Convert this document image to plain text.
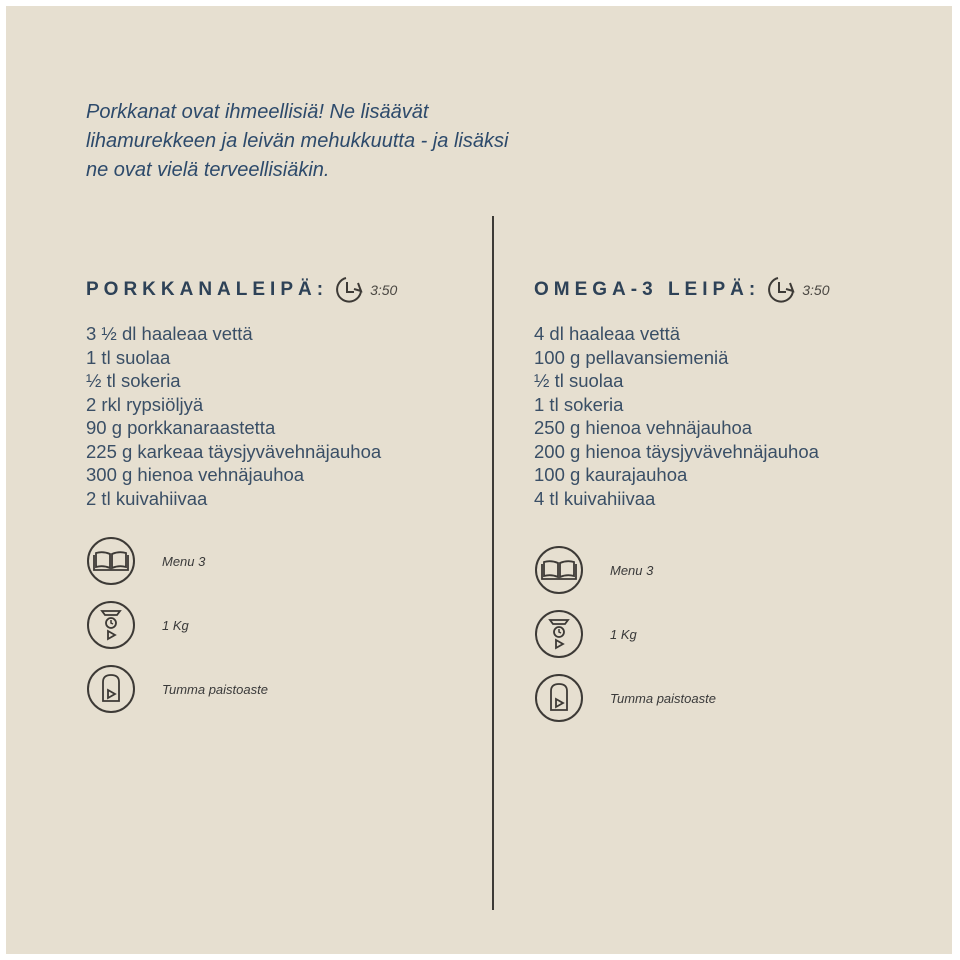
Porkkanat ovat ihmeellisiä! Ne lisäävät lihamurekkeen ja leivän mehukkuutta - ja lisäksi ne ovat vielä terveellisiäkin.
PORKKANALEIPÄ:	3:50
3 ½ dl haaleaa vettä
1 tl suolaa
½ tl sokeria
2 rkl rypsiöljyä
90 g porkkanaraastetta
225 g karkeaa täysjyvävehnäjauhoa
300 g hienoa vehnäjauhoa
2 tl kuivahiivaa
Menu 3
1 Kg
Tumma paistoaste
OMEGA-3 LEIPÄ:	3:50
4 dl haaleaa vettä
100 g pellavansiemeniä
½ tl suolaa
1 tl sokeria
250 g hienoa vehnäjauhoa
200 g hienoa täysjyvävehnäjauhoa
100 g kaurajauhoa
4 tl kuivahiivaa
Menu 3
1 Kg
Tumma paistoaste
